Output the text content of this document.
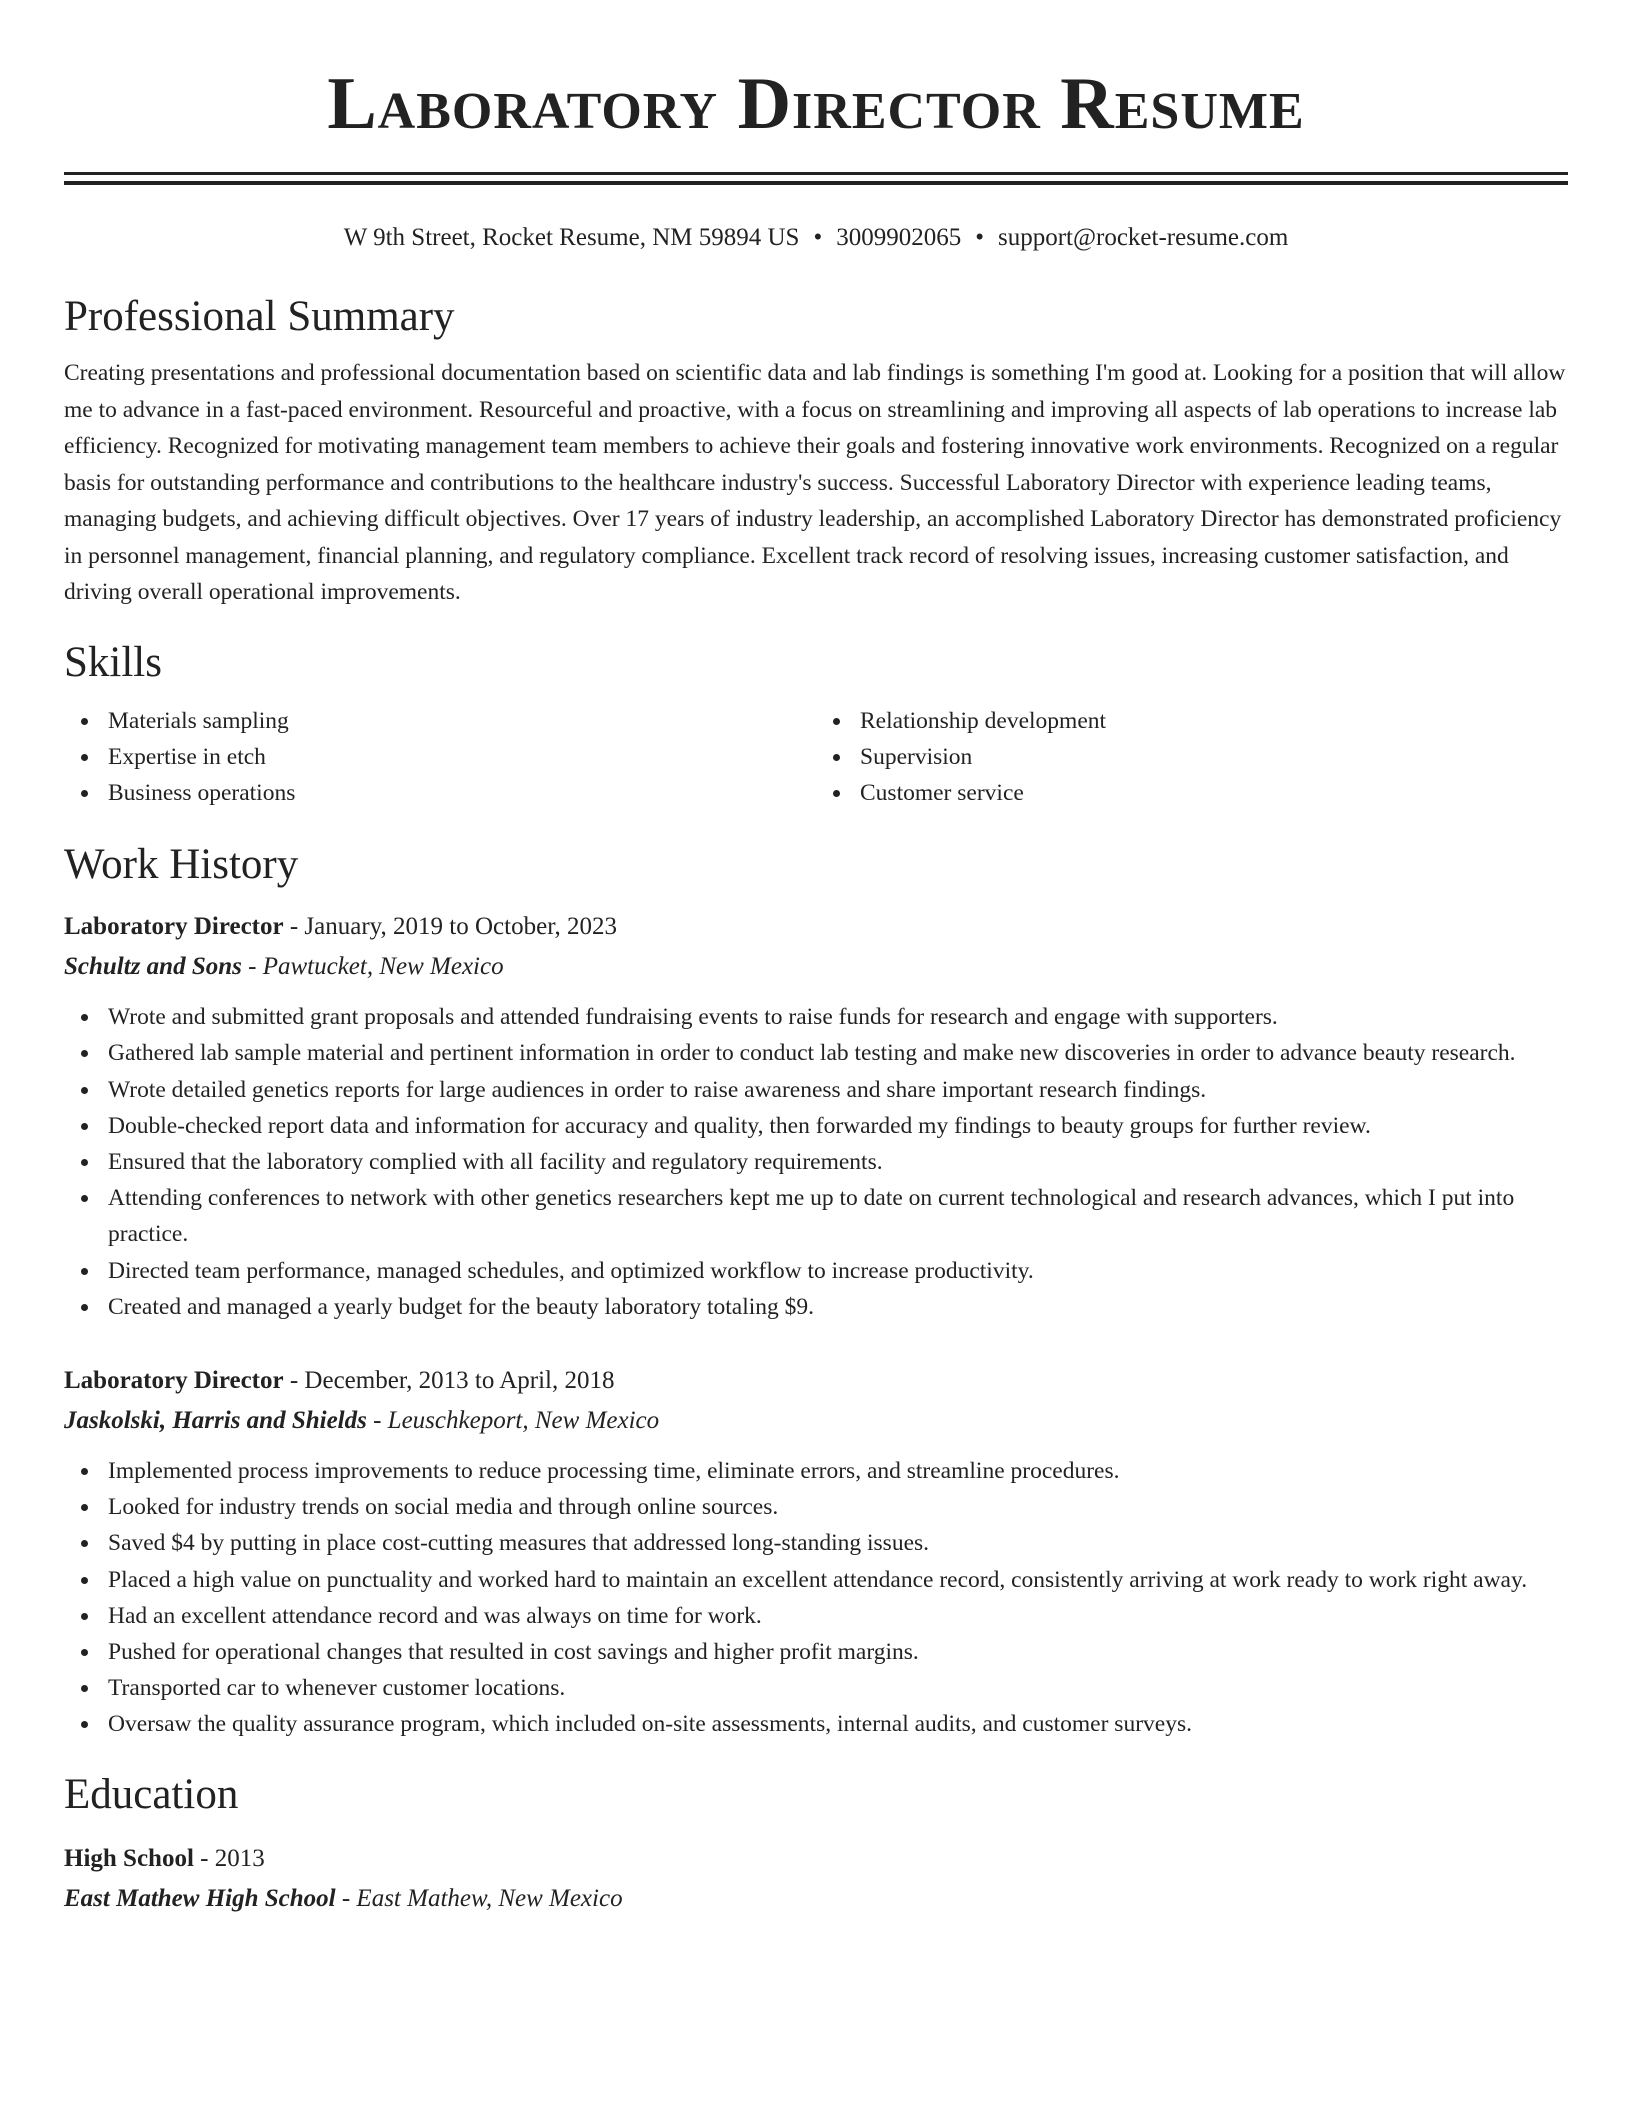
Laboratory Director Resume
W 9th Street, Rocket Resume, NM 59894 US • 3009902065 • support@rocket-resume.com
Professional Summary

Creating presentations and professional documentation based on scientific data and lab findings is something I'm good at. Looking for a position that will allow me to advance in a fast-paced environment. Resourceful and proactive, with a focus on streamlining and improving all aspects of lab operations to increase lab efficiency. Recognized for motivating management team members to achieve their goals and fostering innovative work environments. Recognized on a regular basis for outstanding performance and contributions to the healthcare industry's success. Successful Laboratory Director with experience leading teams, managing budgets, and achieving difficult objectives. Over 17 years of industry leadership, an accomplished Laboratory Director has demonstrated proficiency in personnel management, financial planning, and regulatory compliance. Excellent track record of resolving issues, increasing customer satisfaction, and driving overall operational improvements.

Skills
Materials sampling
Expertise in etch
Business operations
Relationship development
Supervision
Customer service
Work History
Laboratory Director - January, 2019 to October, 2023
Schultz and Sons - Pawtucket, New Mexico
Wrote and submitted grant proposals and attended fundraising events to raise funds for research and engage with supporters.
Gathered lab sample material and pertinent information in order to conduct lab testing and make new discoveries in order to advance beauty research.
Wrote detailed genetics reports for large audiences in order to raise awareness and share important research findings.
Double-checked report data and information for accuracy and quality, then forwarded my findings to beauty groups for further review.
Ensured that the laboratory complied with all facility and regulatory requirements.
Attending conferences to network with other genetics researchers kept me up to date on current technological and research advances, which I put into practice.
Directed team performance, managed schedules, and optimized workflow to increase productivity.
Created and managed a yearly budget for the beauty laboratory totaling $9.
Laboratory Director - December, 2013 to April, 2018
Jaskolski, Harris and Shields - Leuschkeport, New Mexico
Implemented process improvements to reduce processing time, eliminate errors, and streamline procedures.
Looked for industry trends on social media and through online sources.
Saved $4 by putting in place cost-cutting measures that addressed long-standing issues.
Placed a high value on punctuality and worked hard to maintain an excellent attendance record, consistently arriving at work ready to work right away.
Had an excellent attendance record and was always on time for work.
Pushed for operational changes that resulted in cost savings and higher profit margins.
Transported car to whenever customer locations.
Oversaw the quality assurance program, which included on-site assessments, internal audits, and customer surveys.
Education
High School - 2013
East Mathew High School - East Mathew, New Mexico
